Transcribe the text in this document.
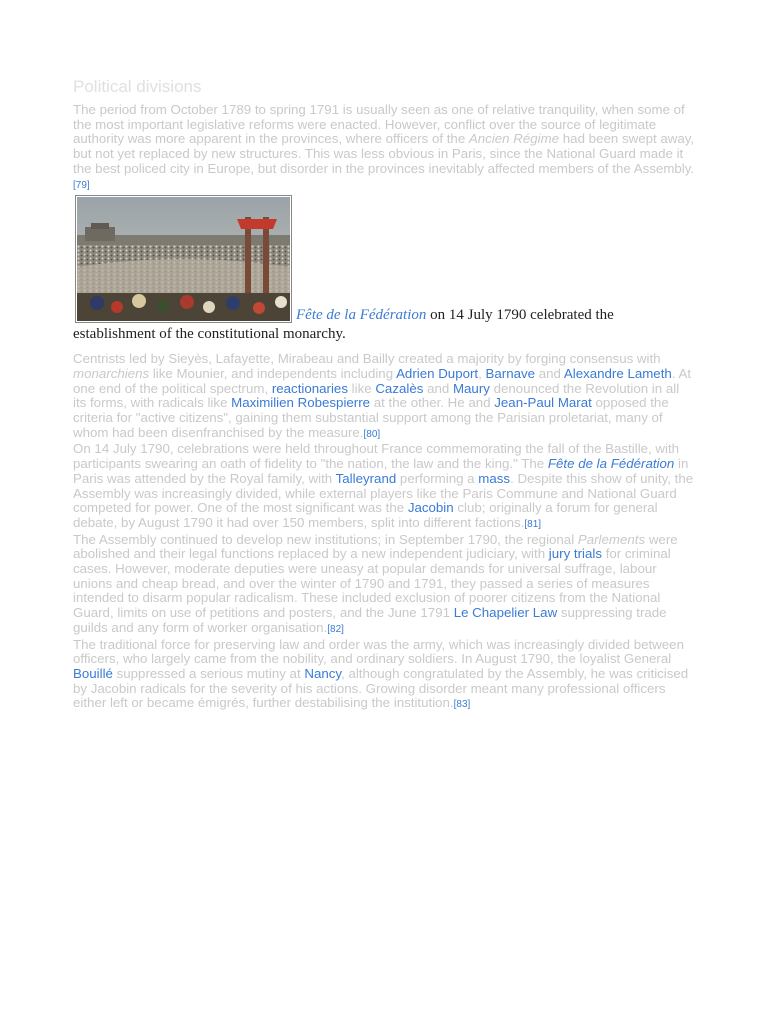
Political divisions

The period from October 1789 to spring 1791 is usually seen as one of relative tranquility, when some of the most important legislative reforms were enacted. However, conflict over the source of legitimate authority was more apparent in the provinces, where officers of the Ancien Régime had been swept away, but not yet replaced by new structures. This was less obvious in Paris, since the National Guard made it the best policed city in Europe, but disorder in the provinces inevitably affected members of the Assembly.[79]

Fête de la Fédération on 14 July 1790 celebrated the establishment of the constitutional monarchy.

Centrists led by Sieyès, Lafayette, Mirabeau and Bailly created a majority by forging consensus with monarchiens like Mounier, and independents including Adrien Duport, Barnave and Alexandre Lameth. At one end of the political spectrum, reactionaries like Cazalès and Maury denounced the Revolution in all its forms, with radicals like Maximilien Robespierre at the other. He and Jean-Paul Marat opposed the criteria for "active citizens", gaining them substantial support among the Parisian proletariat, many of whom had been disenfranchised by the measure.[80]

On 14 July 1790, celebrations were held throughout France commemorating the fall of the Bastille, with participants swearing an oath of fidelity to "the nation, the law and the king." The Fête de la Fédération in Paris was attended by the Royal family, with Talleyrand performing a mass. Despite this show of unity, the Assembly was increasingly divided, while external players like the Paris Commune and National Guard competed for power. One of the most significant was the Jacobin club; originally a forum for general debate, by August 1790 it had over 150 members, split into different factions.[81]

The Assembly continued to develop new institutions; in September 1790, the regional Parlements were abolished and their legal functions replaced by a new independent judiciary, with jury trials for criminal cases. However, moderate deputies were uneasy at popular demands for universal suffrage, labour unions and cheap bread, and over the winter of 1790 and 1791, they passed a series of measures intended to disarm popular radicalism. These included exclusion of poorer citizens from the National Guard, limits on use of petitions and posters, and the June 1791 Le Chapelier Law suppressing trade guilds and any form of worker organisation.[82]

The traditional force for preserving law and order was the army, which was increasingly divided between officers, who largely came from the nobility, and ordinary soldiers. In August 1790, the loyalist General Bouillé suppressed a serious mutiny at Nancy, although congratulated by the Assembly, he was criticised by Jacobin radicals for the severity of his actions. Growing disorder meant many professional officers either left or became émigrés, further destabilising the institution.[83]
